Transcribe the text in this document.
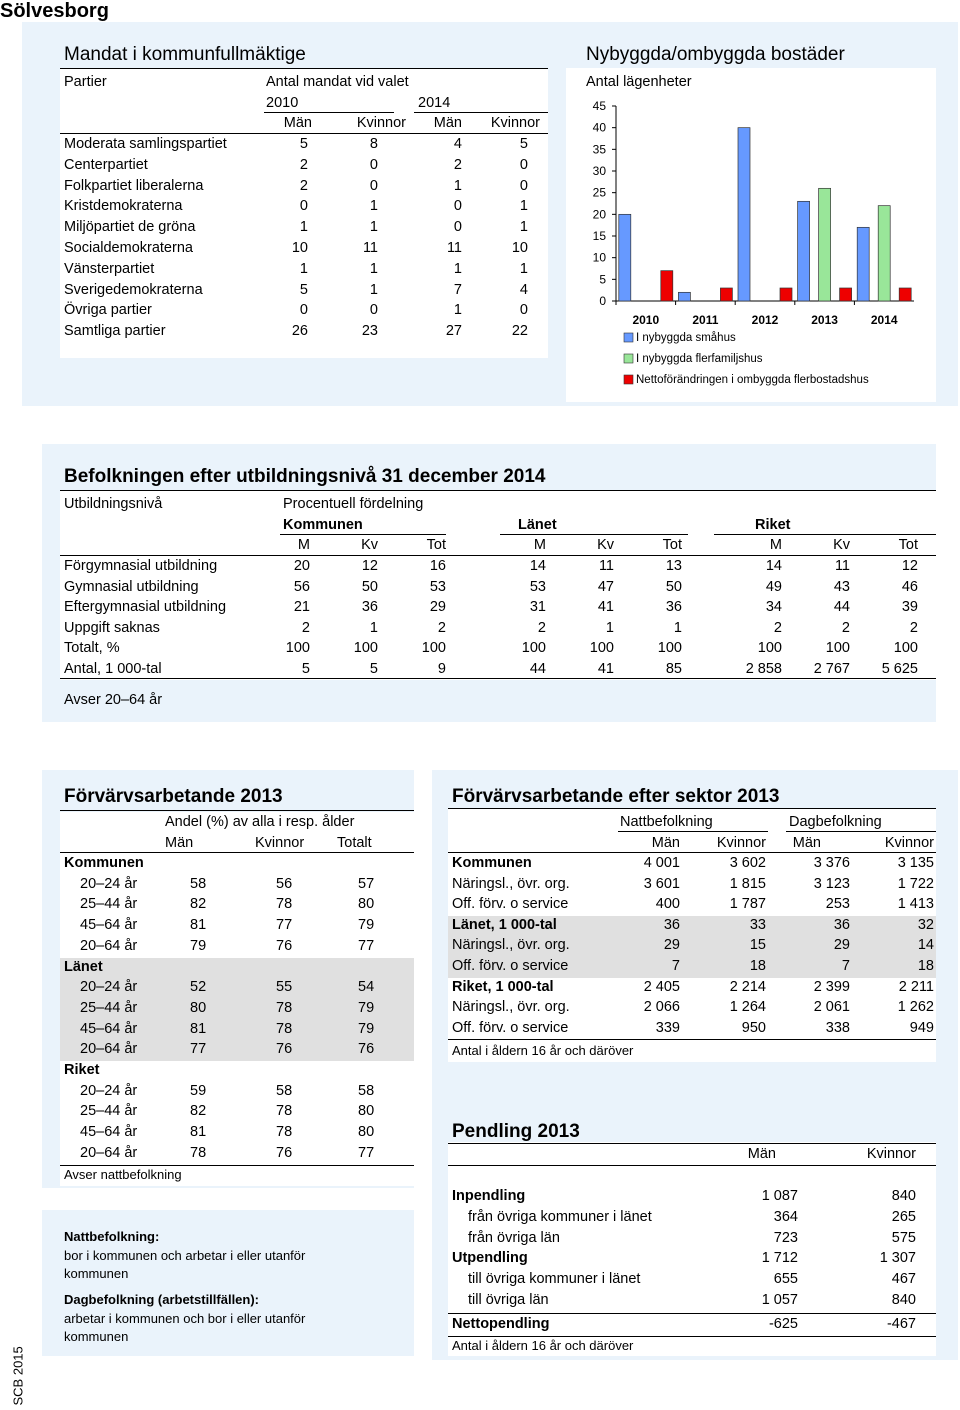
Sölvesborg
SCB 2015
Mandat i kommunfullmäktige
Partier	Antal mandat vid valet
2010	2014
Män	Kvinnor	Män	Kvinnor
Moderata samlingspartiet	5	8	4	5
Centerpartiet	2	0	2	0
Folkpartiet liberalerna	2	0	1	0
Kristdemokraterna	0	1	0	1
Miljöpartiet de gröna	1	1	0	1
Socialdemokraterna	10	11	11	10
Vänsterpartiet	1	1	1	1
Sverigedemokraterna	5	1	7	4
Övriga partier	0	0	1	0
Samtliga partier	26	23	27	22
Nybyggda/ombyggda bostäder
Antal lägenheter
45
40
35
30
25
20
15
10
5
0
2010	2011	2012	2013	2014
I nybyggda småhus
I nybyggda flerfamiljshus
Nettoförändringen i ombyggda flerbostadshus
Befolkningen efter utbildningsnivå 31 december 2014
Utbildningsnivå	Procentuell fördelning
Kommunen	Länet	Riket
M	Kv	Tot	M	Kv	Tot	M	Kv	Tot
Förgymnasial utbildning	20	12	16	14	11	13	14	11	12
Gymnasial utbildning	56	50	53	53	47	50	49	43	46
Eftergymnasial utbildning	21	36	29	31	41	36	34	44	39
Uppgift saknas	2	1	2	2	1	1	2	2	2
Totalt, %	100	100	100	100	100	100	100	100	100
Antal, 1 000-tal	5	5	9	44	41	85	2 858	2 767	5 625
Avser 20–64 år
Förvärvsarbetande 2013
Andel (%) av alla i resp. ålder
Män	Kvinnor Totalt
Kommunen
20–24 år	58	56	57
25–44 år	82	78	80
45–64 år	81	77	79
20–64 år	79	76	77
Länet
20–24 år	52	55	54
25–44 år	80	78	79
45–64 år	81	78	79
20–64 år	77	76	76
Riket
20–24 år	59	58	58
25–44 år	82	78	80
45–64 år	81	78	80
20–64 år	78	76	77
Avser nattbefolkning
Nattbefolkning:
bor i kommunen och arbetar i eller utanför
kommunen
Dagbefolkning (arbetstillfällen):
arbetar i kommunen och bor i eller utanför
kommunen
Förvärvsarbetande efter sektor 2013
Nattbefolkning	Dagbefolkning
Män	Kvinnor	Män	Kvinnor
Kommunen	4 001	3 602	3 376	3 135
Näringsl., övr. org.	3 601	1 815	3 123	1 722
Off. förv. o service	400	1 787	253	1 413
Länet, 1 000-tal	36	33	36	32
Näringsl., övr. org.	29	15	29	14
Off. förv. o service	7	18	7	18
Riket, 1 000-tal	2 405	2 214	2 399	2 211
Näringsl., övr. org.	2 066	1 264	2 061	1 262
Off. förv. o service	339	950	338	949
Antal i åldern 16 år och däröver
Pendling 2013
Män	Kvinnor
Inpendling	1 087	840
från övriga kommuner i länet	364	265
från övriga län	723	575
Utpendling	1 712	1 307
till övriga kommuner i länet	655	467
till övriga län	1 057	840
Nettopendling	-625	-467
Antal i åldern 16 år och däröver
